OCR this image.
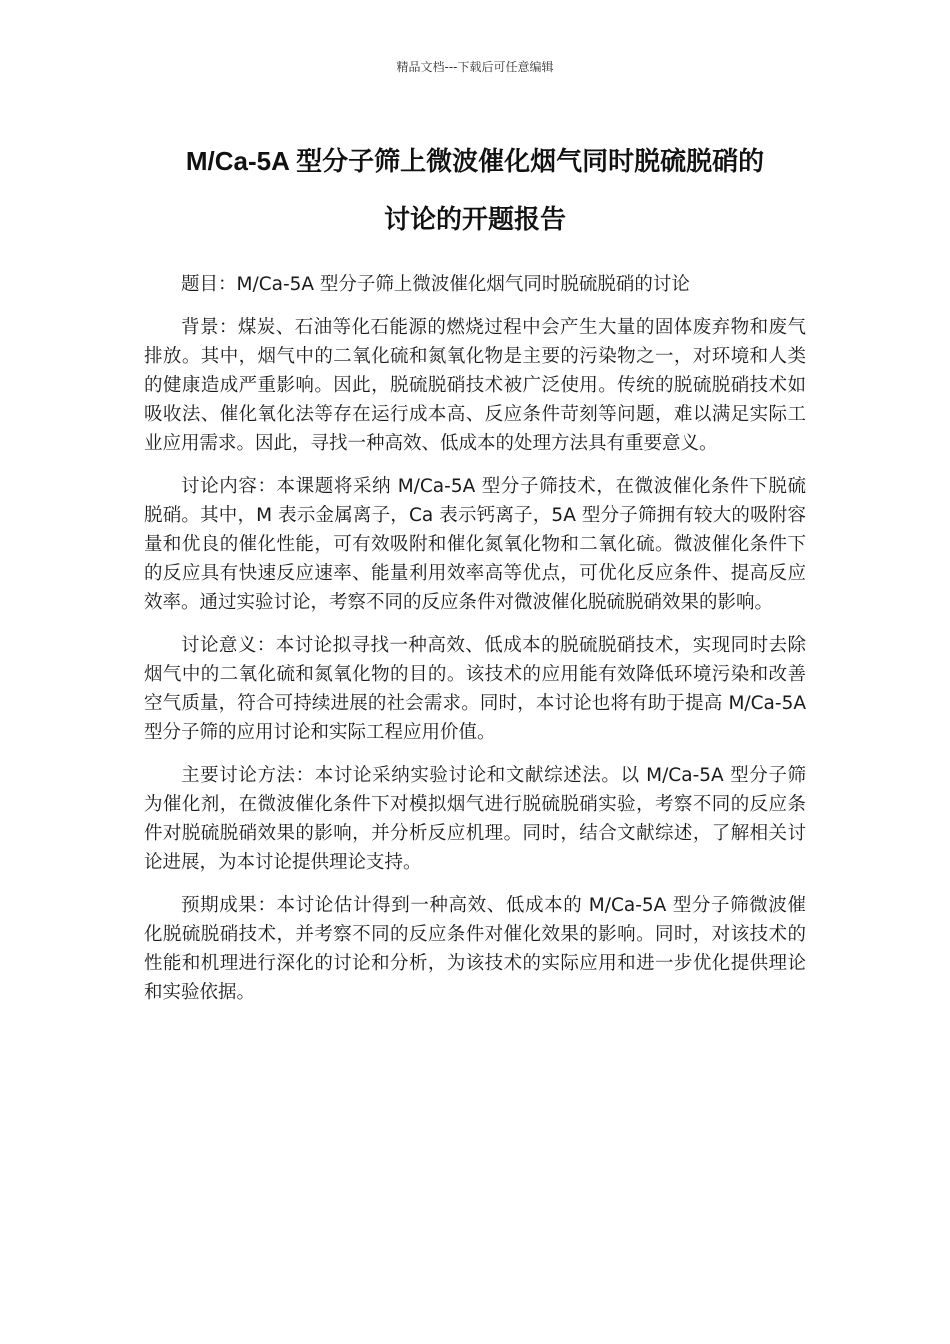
精品文档---下载后可任意编辑
M/Ca-5A 型分子筛上微波催化烟气同时脱硫脱硝的
讨论的开题报告

题目：M/Ca-5A 型分子筛上微波催化烟气同时脱硫脱硝的讨论

背景：煤炭、石油等化石能源的燃烧过程中会产生大量的固体废弃物和废气排放。其中，烟气中的二氧化硫和氮氧化物是主要的污染物之一，对环境和人类的健康造成严重影响。因此，脱硫脱硝技术被广泛使用。传统的脱硫脱硝技术如吸收法、催化氧化法等存在运行成本高、反应条件苛刻等问题，难以满足实际工业应用需求。因此，寻找一种高效、低成本的处理方法具有重要意义。

讨论内容：本课题将采纳 M/Ca-5A 型分子筛技术，在微波催化条件下脱硫脱硝。其中，M 表示金属离子，Ca 表示钙离子，5A 型分子筛拥有较大的吸附容量和优良的催化性能，可有效吸附和催化氮氧化物和二氧化硫。微波催化条件下的反应具有快速反应速率、能量利用效率高等优点，可优化反应条件、提高反应效率。通过实验讨论，考察不同的反应条件对微波催化脱硫脱硝效果的影响。

讨论意义：本讨论拟寻找一种高效、低成本的脱硫脱硝技术，实现同时去除烟气中的二氧化硫和氮氧化物的目的。该技术的应用能有效降低环境污染和改善空气质量，符合可持续进展的社会需求。同时，本讨论也将有助于提高 M/Ca-5A 型分子筛的应用讨论和实际工程应用价值。

主要讨论方法：本讨论采纳实验讨论和文献综述法。以 M/Ca-5A 型分子筛为催化剂，在微波催化条件下对模拟烟气进行脱硫脱硝实验，考察不同的反应条件对脱硫脱硝效果的影响，并分析反应机理。同时，结合文献综述，了解相关讨论进展，为本讨论提供理论支持。

预期成果：本讨论估计得到一种高效、低成本的 M/Ca-5A 型分子筛微波催化脱硫脱硝技术，并考察不同的反应条件对催化效果的影响。同时，对该技术的性能和机理进行深化的讨论和分析，为该技术的实际应用和进一步优化提供理论和实验依据。
